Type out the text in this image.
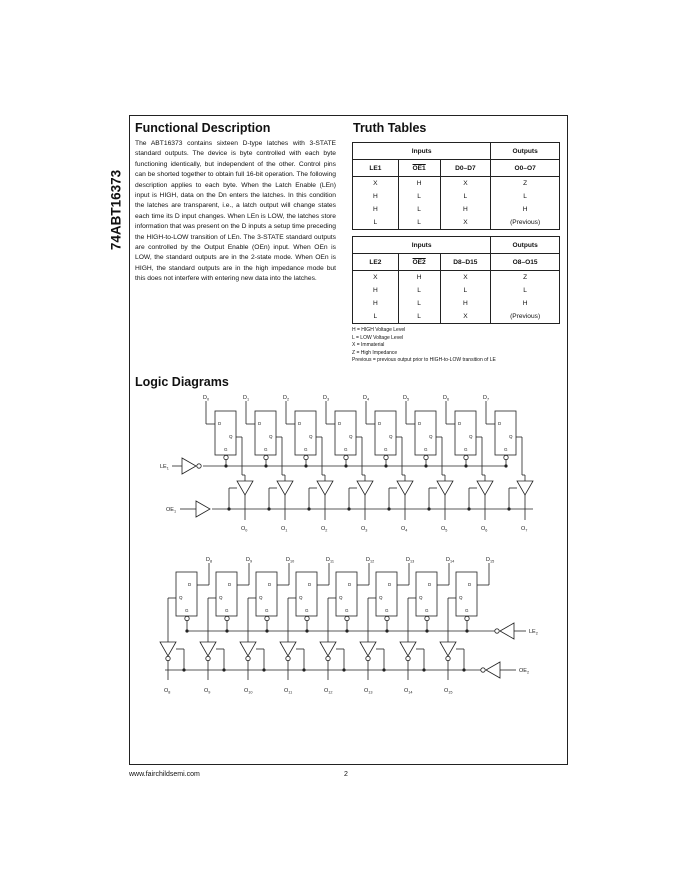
74ABT16373
Functional Description

The ABT16373 contains sixteen D-type latches with 3-STATE standard outputs. The device is byte controlled with each byte functioning identically, but independent of the other. Control pins can be shorted together to obtain full 16-bit operation. The following description applies to each byte. When the Latch Enable (LEn) input is HIGH, data on the Dn enters the latches. In this condition the latches are transparent, i.e., a latch output will change states each time its D input changes. When LEn is LOW, the latches store information that was present on the D inputs a setup time preceding the HIGH-to-LOW transition of LEn. The 3-STATE standard outputs are controlled by the Output Enable (OEn) input. When OEn is LOW, the standard outputs are in the 2-state mode. When OEn is HIGH, the standard outputs are in the high impedance mode but this does not interfere with entering new data into the latches.

Truth Tables
Inputs			Outputs
LE1	OE1	D0–D7	O0–O7
X	H	X	Z
H	L	L	L
H	L	H	H
L	L	X	(Previous)
Inputs			Outputs
LE2	OE2	D8–D15	O8–O15
X	H	X	Z
H	L	L	L
H	L	H	H
L	L	X	(Previous)
H = HIGH Voltage Level
L = LOW Voltage Level
X = Immaterial
Z = High Impedance
Previous = previous output prior to HIGH-to-LOW transition of LE
Logic Diagrams
$LE_1$
$OE_1$
D
Q
G
$D_0$
$O_0$
D
Q
G
$D_1$
$O_1$
D
Q
G
$D_2$
$O_2$
D
Q
G
$D_3$
$O_3$
D
Q
G
$D_4$
$O_4$
D
Q
G
$D_5$
$O_5$
D
Q
G
$D_6$
$O_6$
D
Q
G
$D_7$
$O_7$
$LE_2$
$OE_2$
D
Q
G
$D_8$
$O_8$
D
Q
G
$D_9$
$O_9$
D
Q
G
$D_{10}$
$O_{10}$
D
Q
G
$D_{11}$
$O_{11}$
D
Q
G
$D_{12}$
$O_{12}$
D
Q
G
$D_{13}$
$O_{13}$
D
Q
G
$D_{14}$
$O_{14}$
D
Q
G
$D_{15}$
$O_{15}$
www.fairchildsemi.com	2
